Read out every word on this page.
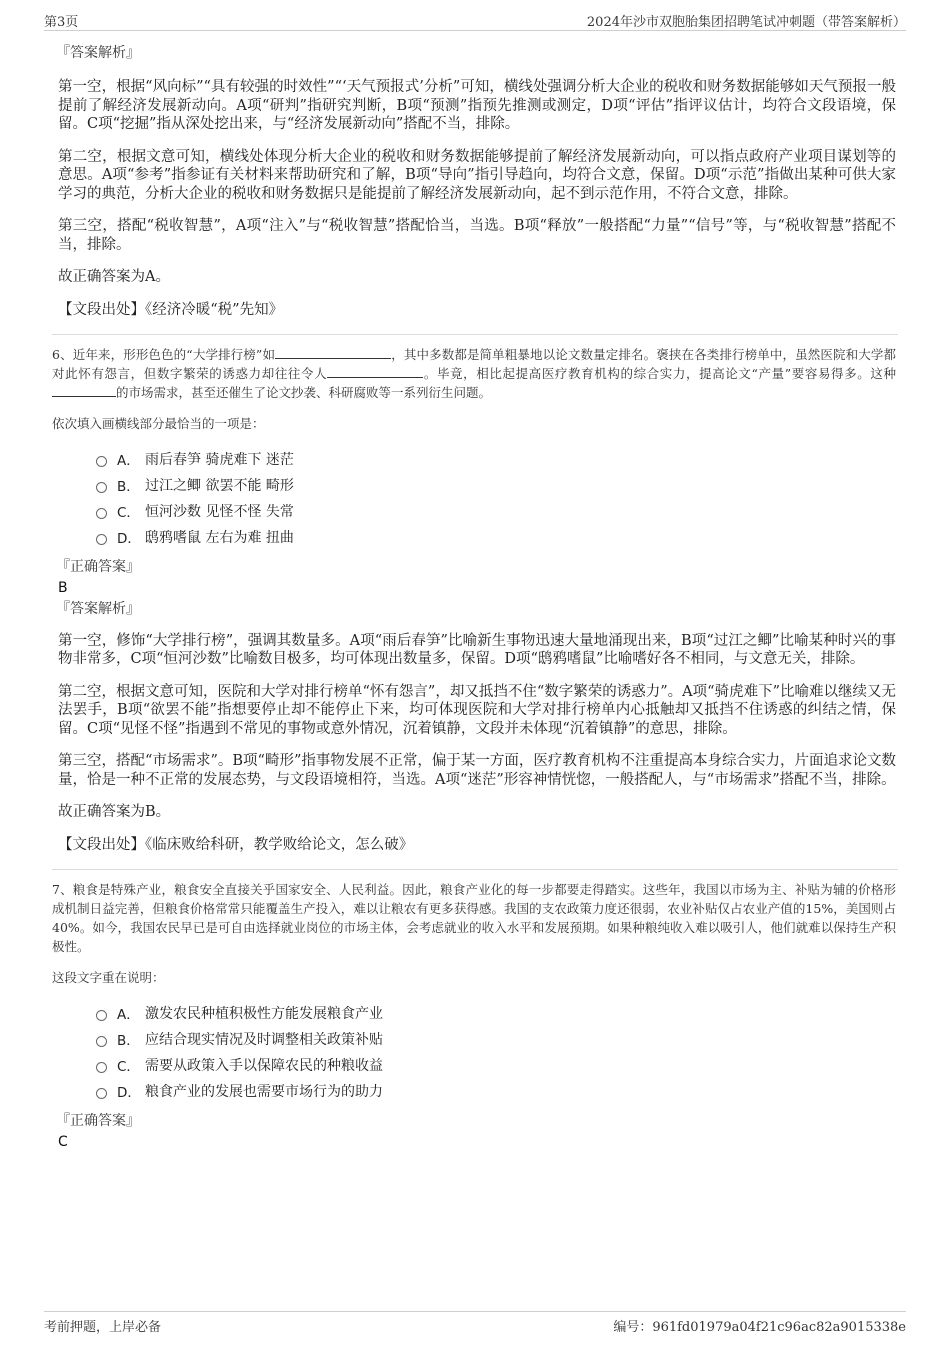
第3页	2024年沙市双胞胎集团招聘笔试冲刺题（带答案解析）
『答案解析』

第一空，根据“风向标”“具有较强的时效性”“‘天气预报式’分析”可知，横线处强调分析大企业的税收和财务数据能够如天气预报一般提前了解经济发展新动向。A项“研判”指研究判断，B项“预测”指预先推测或测定，D项“评估”指评议估计，均符合文段语境，保留。C项“挖掘”指从深处挖出来，与“经济发展新动向”搭配不当，排除。

第二空，根据文意可知，横线处体现分析大企业的税收和财务数据能够提前了解经济发展新动向，可以指点政府产业项目谋划等的意思。A项“参考”指参证有关材料来帮助研究和了解，B项“导向”指引导趋向，均符合文意，保留。D项“示范”指做出某种可供大家学习的典范，分析大企业的税收和财务数据只是能提前了解经济发展新动向，起不到示范作用，不符合文意，排除。

第三空，搭配“税收智慧”，A项“注入”与“税收智慧”搭配恰当，当选。B项“释放”一般搭配“力量”“信号”等，与“税收智慧”搭配不当，排除。

故正确答案为A。

【文段出处】《经济冷暖“税”先知》

6、近年来，形形色色的“大学排行榜”如	，其中多数都是简单粗暴地以论文数量定排名。褒挟在各类排行榜单中，虽然医院和大学都对此怀有怨言，但数字繁荣的诱惑力却往往令人	。毕竟，相比起提高医疗教育机构的综合实力，提高论文“产量”要容易得多。这种的市场需求，甚至还催生了论文抄袭、科研腐败等一系列衍生问题。

依次填入画横线部分最恰当的一项是：

A． 雨后春笋 骑虎难下 迷茫
B． 过江之鲫 欲罢不能 畸形
C． 恒河沙数 见怪不怪 失常
D． 鸱鸦嗜鼠 左右为难 扭曲
『正确答案』
B
『答案解析』

第一空，修饰“大学排行榜”，强调其数量多。A项“雨后春笋”比喻新生事物迅速大量地涌现出来，B项“过江之鲫”比喻某种时兴的事物非常多，C项“恒河沙数”比喻数目极多，均可体现出数量多，保留。D项“鸱鸦嗜鼠”比喻嗜好各不相同，与文意无关，排除。

第二空，根据文意可知，医院和大学对排行榜单“怀有怨言”，却又抵挡不住“数字繁荣的诱惑力”。A项“骑虎难下”比喻难以继续又无法罢手，B项“欲罢不能”指想要停止却不能停止下来，均可体现医院和大学对排行榜单内心抵触却又抵挡不住诱惑的纠结之情，保留。C项“见怪不怪”指遇到不常见的事物或意外情况，沉着镇静，文段并未体现“沉着镇静”的意思，排除。

第三空，搭配“市场需求”。B项“畸形”指事物发展不正常，偏于某一方面，医疗教育机构不注重提高本身综合实力，片面追求论文数量，恰是一种不正常的发展态势，与文段语境相符，当选。A项“迷茫”形容神情恍惚，一般搭配人，与“市场需求”搭配不当，排除。

故正确答案为B。

【文段出处】《临床败给科研，教学败给论文，怎么破》

7、粮食是特殊产业，粮食安全直接关乎国家安全、人民利益。因此，粮食产业化的每一步都要走得踏实。这些年，我国以市场为主、补贴为辅的价格形成机制日益完善，但粮食价格常常只能覆盖生产投入，难以让粮农有更多获得感。我国的支农政策力度还很弱，农业补贴仅占农业产值的15%，美国则占40%。如今，我国农民早已是可自由选择就业岗位的市场主体，会考虑就业的收入水平和发展预期。如果种粮纯收入难以吸引人，他们就难以保持生产积极性。

这段文字重在说明：

A． 激发农民种植积极性方能发展粮食产业
B． 应结合现实情况及时调整相关政策补贴
C． 需要从政策入手以保障农民的种粮收益
D． 粮食产业的发展也需要市场行为的助力
『正确答案』
C
考前押题，上岸必备	编号：961fd01979a04f21c96ac82a9015338e
